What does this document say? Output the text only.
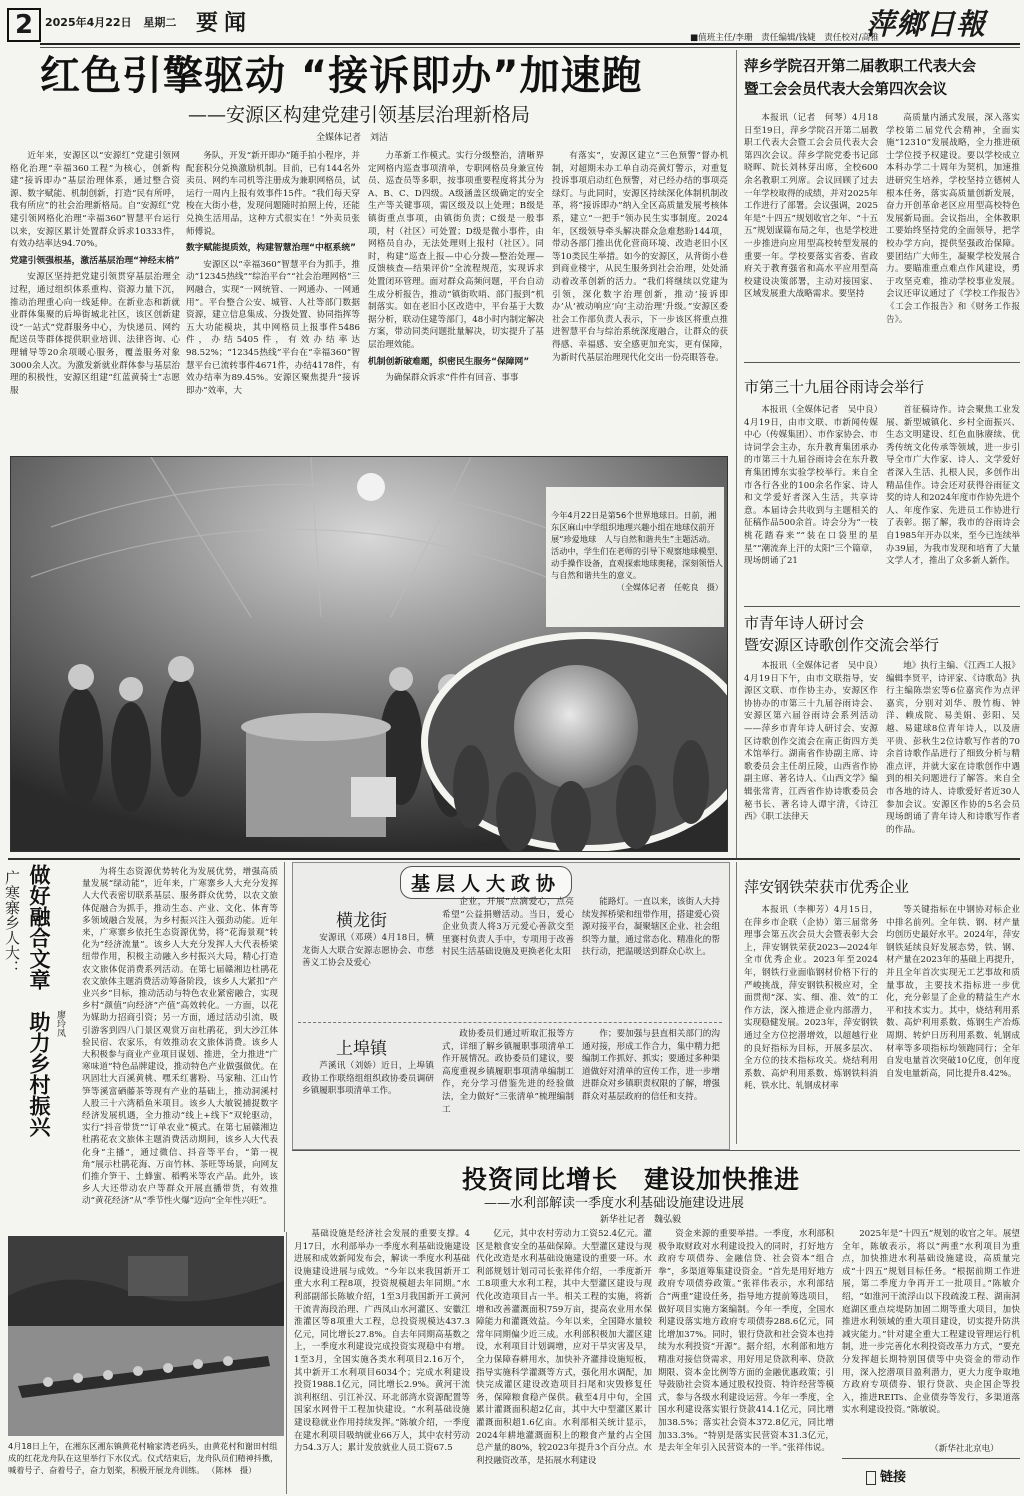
2	2025年4月22日 星期二 要闻	萍鄉日報
■值班主任/李珊　责任编辑/钱婕　责任校对/高雅
红色引擎驱动 “接诉即办”加速跑
——安源区构建党建引领基层治理新格局
全媒体记者　刘洁

近年来，安源区以“安源红”党建引领网格化治理“幸福360工程”为核心，创新构建“接诉即办”基层治理体系，通过整合资源、数字赋能、机制创新，打造“民有所呼，我有所应”的社会治理新格局。自“安源红”党建引领网格化治理“幸福360”智慧平台运行以来，安源区累计处置群众诉求10333件，有效办结率达94.70%。

党建引领强根基，激活基层治理“神经末梢”

安源区坚持把党建引领贯穿基层治理全过程，通过组织体系重构、资源力量下沉，推动治理重心向一线延伸。在新业态和新就业群体集聚的后埠街城北社区，该区创新建设“一站式”党群服务中心，为快递员、网约配送员等群体提供职业培训、法律咨询、心理辅导等20余项暖心服务，覆盖服务对象3000余人次。为激发新就业群体参与基层治理的积极性，安源区组建“红蓝黄骑士”志愿服

务队，开发“新开即办”随手拍小程序，并配套积分兑换激励机制。目前，已有144名外卖员、网约车司机等注册成为兼职网格员，试运行一周内上报有效事件15件。“我们每天穿梭在大街小巷，发现问题随时拍照上传，还能兑换生活用品，这种方式很实在！”外卖员张师傅说。

数字赋能提质效，构建智慧治理“中枢系统”

安源区以“幸福360”智慧平台为抓手，推动“12345热线”“综治平台”“社会治理网格”三网融合，实现“一网统管、一网通办、一网通用”。平台整合公安、城管、人社等部门数据资源，建立信息集成、分拨处置、协同指挥等五大功能模块，其中网格员上报事件5486件，办结5405件，有效办结率达98.52%；“12345热线”平台在“幸福360”智慧平台已流转事件4671件，办结4178件，有效办结率为89.45%。安源区聚焦提升“接诉即办”效率，大

力革新工作模式。实行分级整治，清晰界定网格内巡查事项清单，专职网格员身兼宣传员、巡查员等多职，按事项重要程度将其分为A、B、C、D四级。A级涵盖区级确定的安全生产等关键事项，需区级及以上处理；B级是镇街重点事项，由镇街负责；C级是一般事项，村（社区）可处置；D级是微小事件，由网格员自办，无法处理则上报村（社区）。同时，构建“巡查上报—中心分拨—整治处理—反馈核查—结果评价”全流程规范，实现诉求处置闭环管理。面对群众高频问题，平台自动生成分析报告，推动“镇街吹哨、部门报到”机制落实。如在老旧小区改造中，平台基于大数据分析，联动住建等部门，48小时内制定解决方案，带动同类问题批量解决，切实提升了基层治理效能。

机制创新破难题，织密民生服务“保障网”

为确保群众诉求“件件有回音、事事

有落实”，安源区建立“三色预警”督办机制，对超期未办工单自动亮黄灯警示，对重复投诉事项启动红色预警，对已经办结的事项亮绿灯。与此同时，安源区持续深化体制机制改革，将“接诉即办”纳入全区高质量发展考核体系，建立“一把手”领办民生实事制度。2024年，区级领导牵头解决群众急难愁盼144项，带动各部门推出优化营商环境、改造老旧小区等10类民生举措。如今的安源区，从背街小巷到商业楼宇，从民生服务到社会治理，处处涌动着改革创新的活力。“我们将继续以党建为引领，深化数字治理创新，推动‘接诉即办’从‘被动响应’向‘主动治理’升级。”安源区委社会工作部负责人表示，下一步该区将重点推进智慧平台与综治系统深度融合，让群众的获得感、幸福感、安全感更加充实，更有保障，为新时代基层治理现代化交出一份亮眼答卷。

萍乡学院召开第二届教职工代表大会
暨工会会员代表大会第四次会议

本报讯（记者　何琴）4月18日至19日，萍乡学院召开第二届教职工代表大会暨工会会员代表大会第四次会议。萍乡学院党委书记邱晓晖、院长刘林芽出席，全校600余名教职工列席。会议回顾了过去一年学校取得的成绩，并对2025年工作进行了部署。会议强调，2025年是“十四五”规划收官之年、“十五五”规划谋篇布局之年，也是学校进一步推进向应用型高校转型发展的重要一年。学校要落实省委、省政府关于教育强省和高水平应用型高校建设决策部署，主动对接国家、区域发展重大战略需求。要坚持

高质量内涵式发展，深入落实学校第二届党代会精神，全面实施“12310”发展战略，全力推进硕士学位授予权建设。要以学校成立本科办学二十周年为契机，加速推进研究生培养，学校坚持立德树人根本任务，落实高质量创新发展，奋力开创革命老区应用型高校特色发展新局面。会议指出，全体教职工要始终坚持党的全面领导，把学校办学方向，提供坚强政治保障。要团结广大师生，凝聚学校发展合力。要瞄准重点难点作风建设，勇于攻坚克难，推动学校事业发展。会议还审议通过了《学校工作报告》《工会工作报告》和《财务工作报告》。

市第三十九届谷雨诗会举行

本报讯（全媒体记者　吴中良）4月19日，由市文联、市新闻传媒中心（传媒集团）、市作家协会、市诗词学会主办，东升教育集团承办的市第三十九届谷雨诗会在东升教育集团博东实验学校举行。来自全市各行各业的100余名作家、诗人和文学爱好者深入生活，共享诗意。本届诗会共收到与主题相关的征稿作品500余首。诗会分为“一枝桃花踏春来”“装在口袋里的星星”“潮流奔上汗的太阳”三个篇章，现场朗诵了21

首征稿诗作。诗会聚焦工业发展、新型城镇化、乡村全面振兴、生态文明建设、红色血脉赓续、优秀传统文化传承等领域，进一步引导全市广大作家、诗人、文学爱好者深入生活、扎根人民，多创作出精品佳作。诗会还对获得谷雨征文奖的诗人和2024年度市作协先进个人、年度作家、先进员工作协进行了表彰。据了解，我市的谷雨诗会自1985年开办以来，至今已连续举办39届，为我市发现和培育了大量文学人才，推出了众多新人新作。

今年4月22日是第56个世界地球日。日前，湘东区麻山中学组织地理兴趣小组在地球仪前开展“珍爱地球　人与自然和谐共生”主题活动。活动中，学生们在老师的引导下观察地球模型、动手操作设备，直观探索地球奥秘，深刻领悟人与自然和谐共生的意义。
（全媒体记者　任乾良　摄）
市青年诗人研讨会
暨安源区诗歌创作交流会举行

本报讯（全媒体记者　吴中良）4月19日下午，由市文联指导，安源区文联、市作协主办，安源区作协协办的市第三十九届谷雨诗会、安源区第六届谷雨诗会系列活动——萍乡市青年诗人研讨会、安源区诗歌创作交流会在南正街四方美术馆举行。湖南省作协副主席、诗歌委员会主任胡丘陵，山西省作协副主席、著名诗人、《山西文学》编辑张常青，江西省作协诗歌委员会秘书长、著名诗人谭宇清，《诗江西》《职工法律天

地》执行主编、《江西工人报》编辑李贤平，诗评家、《诗歌岛》执行主编陈崇宏等6位嘉宾作为点评嘉宾，分别对刘华、殷竹梅、钟洋、赖成院、易美娟、彭阳、吴越、易建球8位青年诗人，以及唐平贵、彭秋生2位诗歌写作者的70余首诗歌作品进行了细致分析与精准点评，并就大家在诗歌创作中遇到的相关问题进行了解答。来自全市各地的诗人、诗歌爱好者近30人参加会议。安源区作协的5名会员现场朗诵了青年诗人和诗歌写作者的作品。

做好融合文章　助力乡村振兴
广寒寨乡人大：
廖玲凤

为将生态资源优势转化为发展优势，增强高质量发展“绿动能”，近年来，广寒寨乡人大充分发挥人大代表密切联系基层、服务群众优势，以农文旅体促融合为抓手，推动生态、产业、文化、体育等多领域融合发展，为乡村振兴注入强劲动能。近年来，广寒寨乡依托生态资源优势，将“花海景观”转化为“经济流量”。该乡人大充分发挥人大代表桥梁纽带作用，积极主动融入乡村振兴大局，精心打造农文旅体促消费系列活动。在第七届赣湘边杜鹃花农文旅体主题消费活动筹备阶段，该乡人大紧扣“产业兴乡”目标，推动活动与特色农业紧密融合，实现乡村“颜值”向经济“产值”高效转化。一方面，以花为媒助力招商引资；另一方面，通过活动引流，吸引游客到四八门景区观赏万亩杜鹃花，到大沙江体验民宿、农家乐，有效推动农文旅体消费。该乡人大积极参与商业产业项目谋划、推进，全力推进“广寒味道”特色品牌建设，推动特色产业做强做优。在巩固壮大百溪黄桃、嘿禾红薯粉、马家釉、江山竹笋等溪富硒藤茶等现有产业的基础上，推动洞溪村人股三十六湾稻鱼米项目。该乡人大敏锐捕捉数字经济发展机遇，全力推动“线上+线下”双轮驱动，实行“抖音带货”“订单农业”模式。在第七届赣湘边杜鹃花农文旅体主题消费活动期间，该乡人大代表化身“主播”，通过微信、抖音等平台，“第一视角”展示杜鹃花海、万亩竹林、茶旺等场景，向网友们推介笋干、土蜂蜜、稻鸭米等农产品。此外，该乡人大还带动农户等群众开展直播带货，有效推动“黄花经济”从“季节性火爆”迈向“全年性兴旺”。

4月18日上午，在湘东区湘东镇黄花村喻家湾老码头，由黄花村和谢田村组成的红花龙舟队在这里举行下水仪式。仪式结束后，龙舟队员们精神抖擞，喊着号子、奋着号子，奋力划桨，积极开展龙舟训练。 （陈林　摄）
基层人大政协
横龙街

安源讯（邓瑛）4月18日，横龙街人大联合安源志愿协会、市慈善义工协会及爱心

企业，开展“点滴爱心，点亮希望”公益捐赠活动。当日，爱心企业负责人将3万元爱心善款交至里赛村负责人手中，专项用于改善村民生活基础设施及更换老化太阳

能路灯。一直以来，该街人大持续发挥桥梁和纽带作用，搭建爱心资源对接平台，凝聚辖区企业、社会组织等力量，通过常态化、精准化的帮扶行动，把温暖送到群众心坎上。

上埠镇

芦溪讯（刘娇）近日，上埠镇政协工作联络组组织政协委员调研乡镇履职事项清单工作。

政协委员们通过听取汇报等方式，详细了解乡镇履职事项清单工作开展情况。政协委员们建议，要高度重视乡镇履职事项清单编制工作，充分学习借鉴先进的经验做法，全力做好“三张清单”梳理编制工

作；要加强与县直相关部门的沟通对接，形成工作合力，集中精力把编制工作抓好、抓实；要通过多种渠道做好对清单的宣传工作，进一步增进群众对乡镇职责权限的了解，增强群众对基层政府的信任和支持。

萍安钢铁荣获市优秀企业

本报讯（李柳芳）4月15日，在萍乡市企联（企协）第三届常务理事会第五次会员大会暨表彰大会上，萍安钢铁荣获2023—2024年全市优秀企业。2023年至2024年，钢铁行业面临钢材价格下行的严峻挑战，萍安钢铁积极应对，全面贯彻“深、实、细、准、效”的工作方法，深入推进企业内部潜力，实现稳健发展。2023年，萍安钢铁通过全方位挖潜增效，以超越行业的良好指标为目标，开展多层次、全方位的技术指标攻关。烧结利用系数、高炉利用系数、炼钢铁料消耗、铁水比、轧钢成材率

等关键指标在中钢协对标企业中排名前列。全年铁、钢、材产量均创历史最好水平。2024年，萍安钢铁延续良好发展态势，铁、钢、材产量在2023年的基础上再提升，并且全年首次实现无工艺事故和质量事故，主要技术指标进一步优化，充分彰显了企业的精益生产水平和技术实力。其中，烧结利用系数、高炉利用系数、炼钢生产冶炼周期、转炉日历利用系数、轧钢成材率等多项指标均领跑同行；全年自发电量首次突破10亿度，创年度自发电量新高，同比提升8.42%。

投资同比增长　建设加快推进
——水利部解读一季度水利基础设施建设进展
新华社记者　魏弘毅

基础设施是经济社会发展的重要支撑。4月17日，水利部举办一季度水利基础设施建设进展和成效新闻发布会，解读一季度水利基础设施建设进展与成效。“今年以来我国新开工重大水利工程8项，投资规模超去年同期。”水利部副部长陈敏介绍，1至3月我国新开工黄河干流青海段治理、广西凤山水河灌区、安徽江淮灌区等8项重大工程，总投资规模达437.3亿元，同比增长27.8%。自去年同期高基数之上，一季度水利建设完成投资实现稳中有增。1至3月，全国实施各类水利项目2.16万个，其中新开工水利项目6034个；完成水利建设投资1988.1亿元，同比增长2.9%。黄河干流滨利枢纽、引江补汉、环北部湾水资源配置等国家水网骨干工程加快建设。“水利基础设施建设稳就业作用持续发挥。”陈敏介绍，一季度在建水利项目吸纳就业66万人，其中农村劳动力54.3万人；累计发放就业人员工资67.5

亿元，其中农村劳动力工资52.4亿元。灌区是粮食安全的基础保障。大型灌区建设与现代化改造是水利基础设施建设的重要一环。水利部规划计划司司长张祥伟介绍，一季度新开工8项重大水利工程，其中大型灌区建设与现代化改造项目占一半。相关工程的实施，将新增和改善灌溉面积759万亩，提高农业用水保障能力和灌溉效益。今年以来，全国降水量较常年同期偏少近三成。水利部积极加大灌区建设，水利项目计划调增，应对干旱灾害及早，全力保障春耕用水，加快补齐灌排设施短板，指导实施科学灌溉等方式，强化用水调配，加快完成灌区建设改造项目扫尾和灾毁修复任务，保障粮食稳产保供。截至4月中旬，全国累计灌溉面积超2亿亩，其中大中型灌区累计灌溉面积超1.6亿亩。水利部相关统计显示，2024年耕地灌溉面积上的粮食产量约占全国总产量的80%，较2023年提升3个百分点。水利投融资改革，是拓展水利建设

资金来源的重要举措。一季度，水利部积极争取财政对水利建设投入的同时，打好地方政府专项债券、金融信贷、社会资本“组合拳”，多渠道筹集建设资金。“首先是用好地方政府专项债券政策。”张祥伟表示，水利部结合“两重”建设任务，指导地方提前筹选项目，做好项目实施方案编制。今年一季度，全国水利建设落实地方政府专项债券288.6亿元，同比增加37%。同时，银行贷款和社会资本也持续为水利投资“开源”。据介绍，水利部和地方精准对接信贷需求，用好用足贷款利率、贷款期限、资本金比例等方面的金融优惠政策；引导鼓励社会资本通过股权投资、特许经营等模式，参与各级水利建设运营。今年一季度，全国水利建设落实银行贷款414.1亿元，同比增加38.5%；落实社会资本372.8亿元，同比增加33.3%。“特别是落实民营资本31.3亿元，是去年全年引入民营资本的一半。”张祥伟说。

2025年是“十四五”规划的收官之年。展望全年，陈敏表示，将以“两重”水利项目为重点，加快推进水利基础设施建设，高质量完成“十四五”规划目标任务。“根据前期工作进展，第二季度力争再开工一批项目。”陈敏介绍，“如淮河干流浮山以下段疏浚工程、湖南洞庭湖区重点垸堤防加固二期等重大项目，加快推进水利领域的重大项目建设，切实提升防洪减灾能力。”针对建全重大工程建设管理运行机制，进一步完善化水利投资改革力方式，“要充分发挥超长期特别国债等中央资金的带动作用，深入挖潜项目盈利潜力，更大力度争取地方政府专项债券、银行贷款、央企国企等投入，推进REITs、企业债券等发行，多渠道落实水利建设投资。”陈敏说。

（新华社北京电）
链接
